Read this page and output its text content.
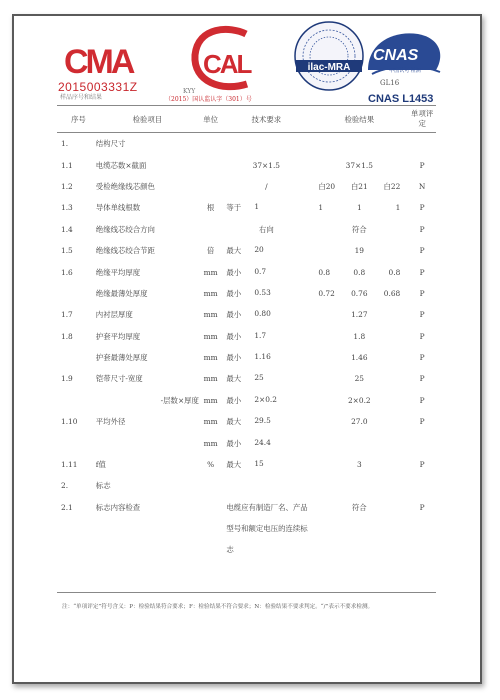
CMA	CAL	ilac-MRA
CNAS
中国认可 检测
2015003331Z
样品序号和结果
KYY
（2015）国认监认字（301）号
GL16
CNAS L1453
序号	检验项目	单位	技术要求	检验结果	单项评定
1.	结构尺寸				
1.1	电缆芯数×截面		37×1.5	37×1.5	P
1.2	受检绝缘线芯颜色		/	白20 白21 白22	N
1.3	导体单线根数	根	等于 1	1 1 1	P
1.4	绝缘线芯绞合方向		右向	符合	P
1.5	绝缘线芯绞合节距	倍	最大 20	19	P
1.6	绝缘平均厚度	mm	最小 0.7	0.8 0.8 0.8	P
	绝缘最薄处厚度	mm	最小 0.53	0.72 0.76 0.68	P
1.7	内衬层厚度	mm	最小 0.80	1.27	P
1.8	护套平均厚度	mm	最小 1.7	1.8	P
	护套最薄处厚度	mm	最小 1.16	1.46	P
1.9	铠带尺寸-宽度	mm	最大 25	25	P
	-层数×厚度	mm	最小 2×0.2	2×0.2	P
1.10	平均外径	mm	最大 29.5	27.0	P
		mm	最小 24.4		

1.11	f值	%	最大 15	3	P
2.	标志				
2.1	标志内容检查		电缆应有制造厂名、产品型号和额定电压的连续标志	符合	P
注：“单项评定”符号含义：P：检验结果符合要求；F：检验结果不符合要求；N：检验结果不要求判定。“/”表示不要求检测。
